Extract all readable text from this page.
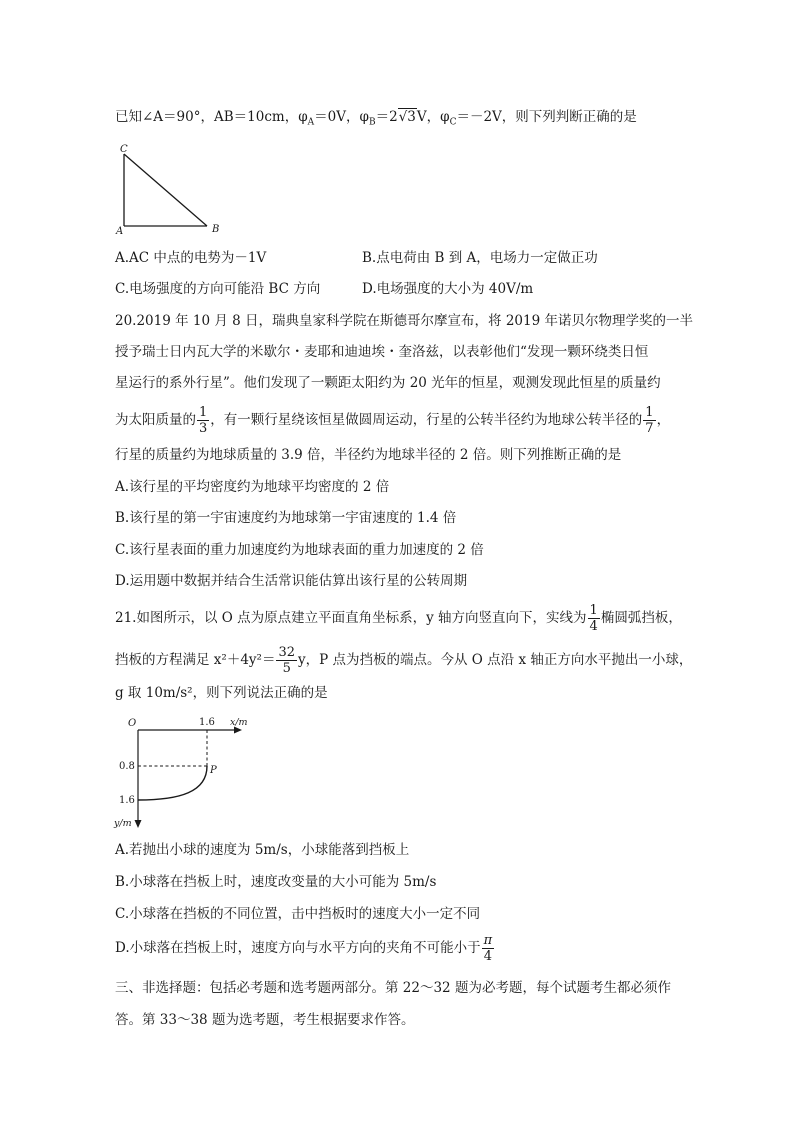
已知∠A＝90°，AB＝10cm，$\varphi_A=0V$，$\varphi_B=2√3V$，$\varphi_C=-2V$，则下列判断正确的是
C
A	B
A.AC 中点的电势为－1V	B.点电荷由 B 到 A，电场力一定做正功
C.电场强度的方向可能沿 BC 方向	D.电场强度的大小为 40V/m
20.2019 年 10 月 8 日，瑞典皇家科学院在斯德哥尔摩宣布，将 2019 年诺贝尔物理学奖的一半
授予瑞士日内瓦大学的米歇尔・麦耶和迪迪埃・奎洛兹，以表彰他们“发现一颗环绕类日恒
星运行的系外行星”。他们发现了一颗距太阳约为 20 光年的恒星，观测发现此恒星的质量约
为太阳质量的 $\frac{1}{3}$ ，有一颗行星绕该恒星做圆周运动，行星的公转半径约为地球公转半径的 $\frac{1}{7}$ ，
行星的质量约为地球质量的 3.9 倍，半径约为地球半径的 2 倍。则下列推断正确的是
A.该行星的平均密度约为地球平均密度的 2 倍
B.该行星的第一宇宙速度约为地球第一宇宙速度的 1.4 倍
C.该行星表面的重力加速度约为地球表面的重力加速度的 2 倍
D.运用题中数据并结合生活常识能估算出该行星的公转周期
21.如图所示，以 O 点为原点建立平面直角坐标系，y 轴方向竖直向下，实线为 $\frac{1}{4}$ 椭圆弧挡板，
挡板的方程满足 $x^2+4y^2= \frac{32}{5}$ y，P 点为挡板的端点。今从 O 点沿 x 轴正方向水平抛出一小球，
g 取 10m/s²，则下列说法正确的是
O	1.6 x/m
0.8
1.6
y/m
P
A.若抛出小球的速度为 5m/s，小球能落到挡板上
B.小球落在挡板上时，速度改变量的大小可能为 5m/s
C.小球落在挡板的不同位置，击中挡板时的速度大小一定不同
D.小球落在挡板上时，速度方向与水平方向的夹角不可能小于 $\frac{\pi}{4}$
三、非选择题：包括必考题和选考题两部分。第 22～32 题为必考题，每个试题考生都必须作
答。第 33～38 题为选考题，考生根据要求作答。
